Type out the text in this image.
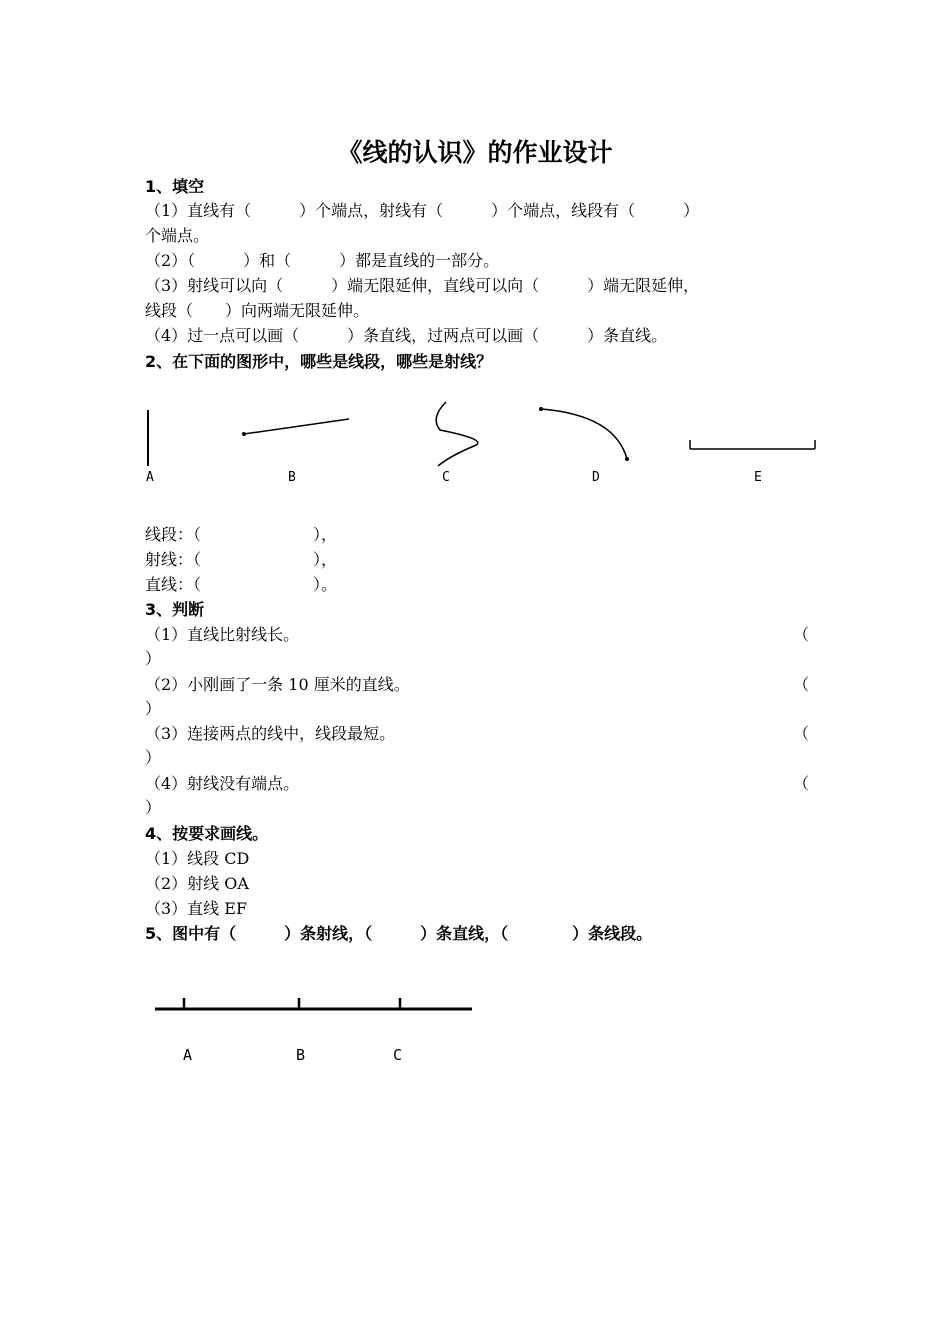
《线的认识》的作业设计
1、填空
（1）直线有（　　　）个端点，射线有（　　　）个端点，线段有（　　　）
个端点。
（2）（　　　）和（　　　）都是直线的一部分。
（3）射线可以向（　　　）端无限延伸，直线可以向（　　　）端无限延伸，
线段（　　）向两端无限延伸。
（4）过一点可以画（　　　）条直线，过两点可以画（　　　）条直线。
2、在下面的图形中，哪些是线段，哪些是射线？
A	B	C	D	E
线段：（　　　　　　　），
射线：（　　　　　　　），
直线：（　　　　　　　）。
3、判断
（1）直线比射线长。	（
）
（2）小刚画了一条 10 厘米的直线。	（
）
（3）连接两点的线中，线段最短。	（
）
（4）射线没有端点。	（
）
4、按要求画线。
（1）线段 CD
（2）射线 OA
（3）直线 EF
5、图中有（　　　）条射线，（　　　）条直线，（　　　　）条线段。
A	B	C
